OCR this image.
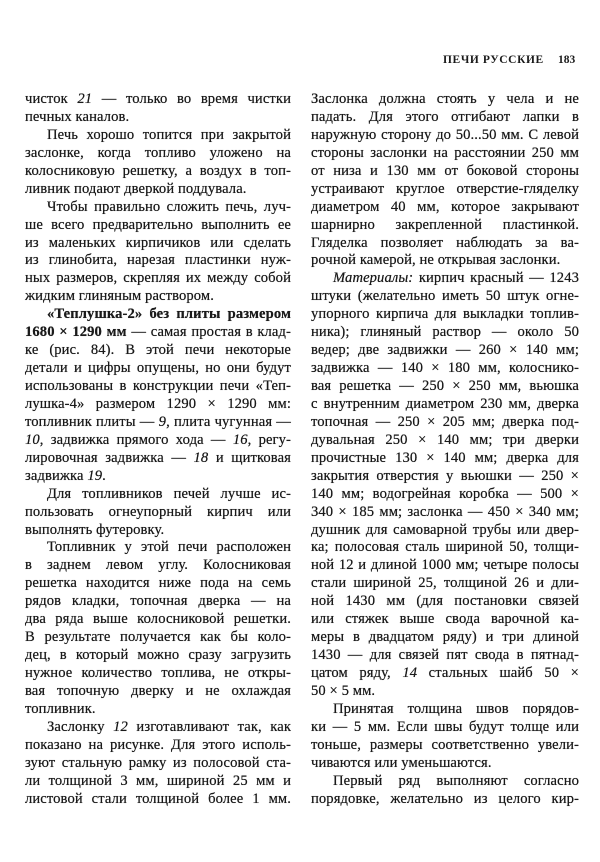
ПЕЧИ РУССКИЕ 183
чисток 21 — только во время чистки
печных каналов.
Печь хорошо топится при закрытой
заслонке, когда топливо уложено на
колосниковую решетку, а воздух в топ-
ливник подают дверкой поддувала.
Чтобы правильно сложить печь, луч-
ше всего предварительно выполнить ее
из маленьких кирпичиков или сделать
из глинобита, нарезая пластинки нуж-
ных размеров, скрепляя их между собой
жидким глиняным раствором.
«Теплушка-2» без плиты размером
1680 × 1290 мм — самая простая в клад-
ке (рис. 84). В этой печи некоторые
детали и цифры опущены, но они будут
использованы в конструкции печи «Теп-
лушка-4» размером 1290 × 1290 мм:
топливник плиты — 9, плита чугунная —
10, задвижка прямого хода — 16, регу-
лировочная задвижка — 18 и щитковая
задвижка 19.
Для топливников печей лучше ис-
пользовать огнеупорный кирпич или
выполнять футеровку.
Топливник у этой печи расположен
в заднем левом углу. Колосниковая
решетка находится ниже пода на семь
рядов кладки, топочная дверка — на
два ряда выше колосниковой решетки.
В результате получается как бы коло-
дец, в который можно сразу загрузить
нужное количество топлива, не откры-
вая топочную дверку и не охлаждая
топливник.
Заслонку 12 изготавливают так, как
показано на рисунке. Для этого исполь-
зуют стальную рамку из полосовой ста-
ли толщиной 3 мм, шириной 25 мм и
листовой стали толщиной более 1 мм.
Заслонка должна стоять у чела и не
падать. Для этого отгибают лапки в
наружную сторону до 50...50 мм. С левой
стороны заслонки на расстоянии 250 мм
от низа и 130 мм от боковой стороны
устраивают круглое отверстие-гляделку
диаметром 40 мм, которое закрывают
шарнирно закрепленной пластинкой.
Гляделка позволяет наблюдать за ва-
рочной камерой, не открывая заслонки.
Материалы: кирпич красный — 1243
штуки (желательно иметь 50 штук огне-
упорного кирпича для выкладки топлив-
ника); глиняный раствор — около 50
ведер; две задвижки — 260 × 140 мм;
задвижка — 140 × 180 мм, колоснико-
вая решетка — 250 × 250 мм, вьюшка
с внутренним диаметром 230 мм, дверка
топочная — 250 × 205 мм; дверка под-
дувальная 250 × 140 мм; три дверки
прочистные 130 × 140 мм; дверка для
закрытия отверстия у вьюшки — 250 ×
140 мм; водогрейная коробка — 500 ×
340 × 185 мм; заслонка — 450 × 340 мм;
душник для самоварной трубы или двер-
ка; полосовая сталь шириной 50, толщи-
ной 12 и длиной 1000 мм; четыре полосы
стали шириной 25, толщиной 26 и дли-
ной 1430 мм (для постановки связей
или стяжек выше свода варочной ка-
меры в двадцатом ряду) и три длиной
1430 — для связей пят свода в пятнад-
цатом ряду, 14 стальных шайб 50 ×
50 × 5 мм.
Принятая толщина швов порядов-
ки — 5 мм. Если швы будут толще или
тоньше, размеры соответственно увели-
чиваются или уменьшаются.
Первый ряд выполняют согласно
порядовке, желательно из целого кир-
